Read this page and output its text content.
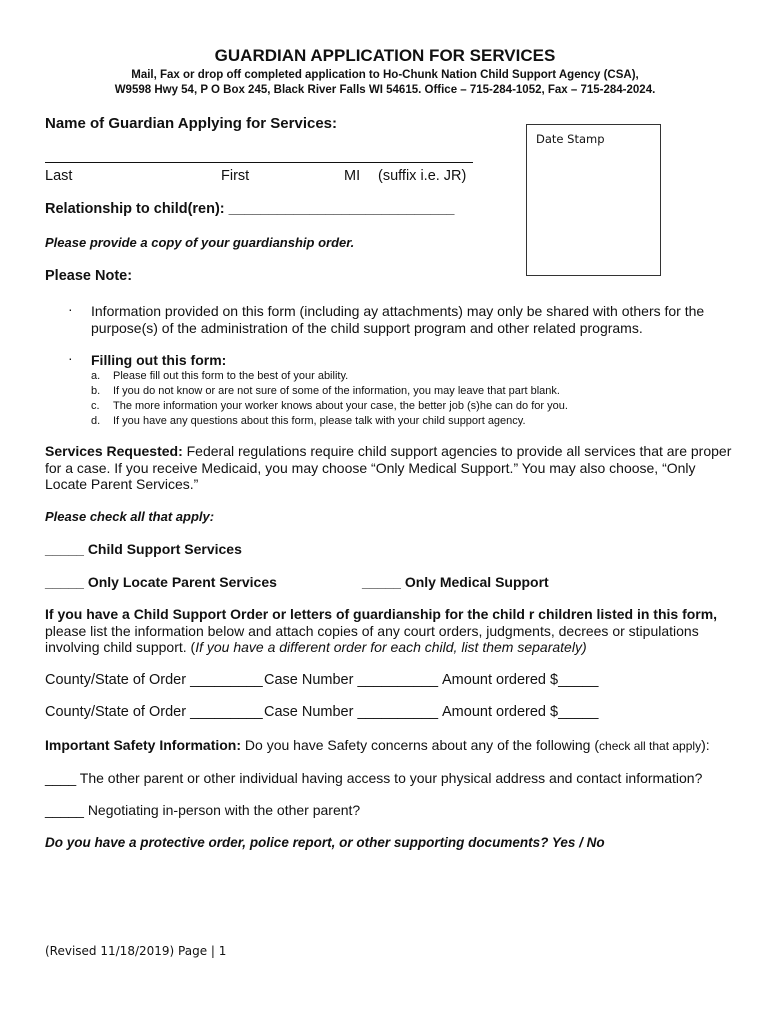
GUARDIAN APPLICATION FOR SERVICES
Mail, Fax or drop off completed application to Ho-Chunk Nation Child Support Agency (CSA),
W9598 Hwy 54, P O Box 245, Black River Falls WI 54615. Office – 715-284-1052, Fax – 715-284-2024.
Name of Guardian Applying for Services:
Last	First	MI (suffix i.e. JR)
Date Stamp
Relationship to child(ren): ____________________________
Please provide a copy of your guardianship order.
Please Note:
· Information provided on this form (including ay attachments) may only be shared with others for the
purpose(s) of the administration of the child support program and other related programs.
· Filling out this form:
a. Please fill out this form to the best of your ability.
b. If you do not know or are not sure of some of the information, you may leave that part blank.
c. The more information your worker knows about your case, the better job (s)he can do for you.
d. If you have any questions about this form, please talk with your child support agency.
Services Requested: Federal regulations require child support agencies to provide all services that are proper
for a case. If you receive Medicaid, you may choose “Only Medical Support.” You may also choose, “Only
Locate Parent Services.”
Please check all that apply:
_____ Child Support Services
_____ Only Locate Parent Services	_____ Only Medical Support
If you have a Child Support Order or letters of guardianship for the child r children listed in this form,
please list the information below and attach copies of any court orders, judgments, decrees or stipulations
involving child support. (If you have a different order for each child, list them separately)
County/State of Order _________ Case Number __________ Amount ordered $_____
County/State of Order _________ Case Number __________ Amount ordered $_____
Important Safety Information: Do you have Safety concerns about any of the following (check all that apply):
____ The other parent or other individual having access to your physical address and contact information?
_____ Negotiating in-person with the other parent?
Do you have a protective order, police report, or other supporting documents? Yes / No
(Revised 11/18/2019) Page | 1
